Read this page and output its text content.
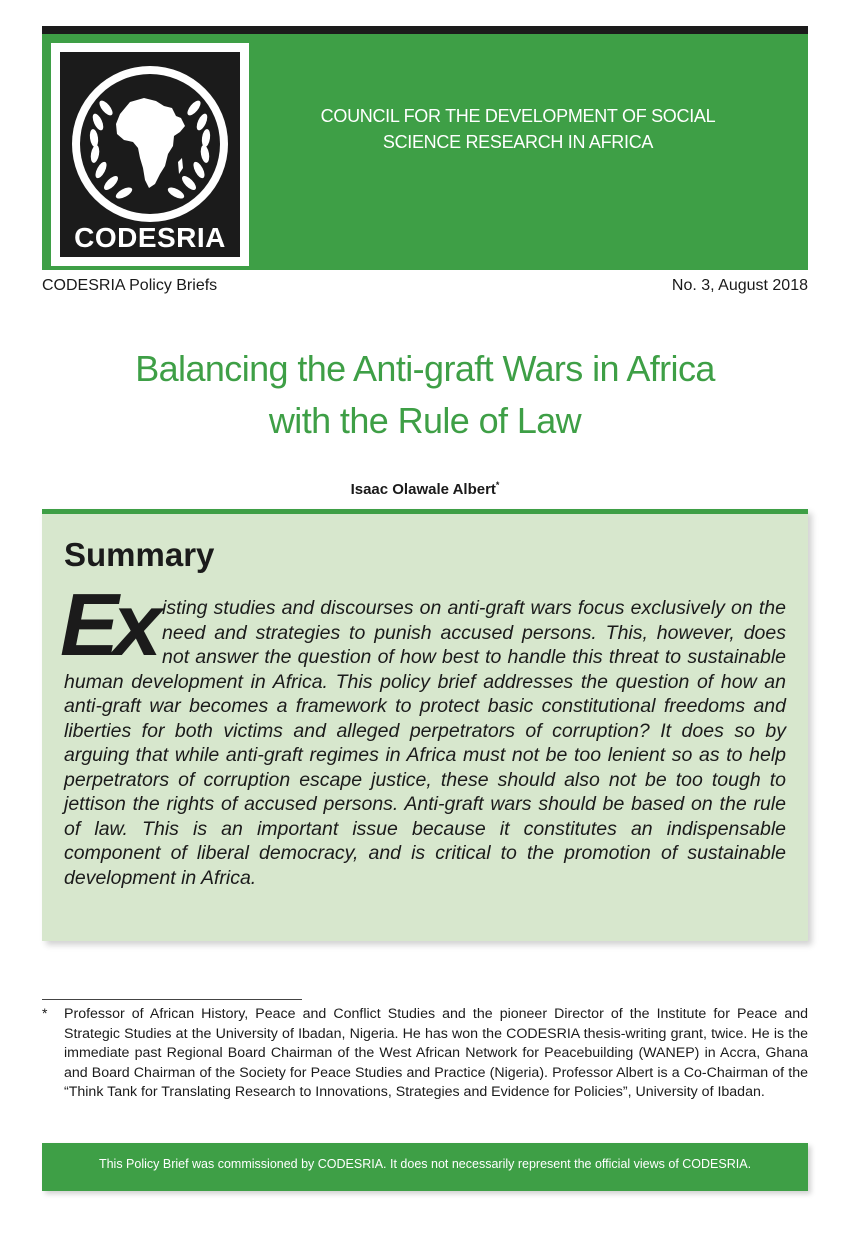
CODESRIA
COUNCIL FOR THE DEVELOPMENT OF SOCIAL
SCIENCE RESEARCH IN AFRICA
CODESRIA Policy Briefs	No. 3, August 2018
Balancing the Anti-graft Wars in Africa
with the Rule of Law
Isaac Olawale Albert*
Summary
Ex isting studies and discourses on anti-graft wars focus exclusively on the need and strategies to punish accused persons. This, however, does not answer the question of how best to handle this threat to sustainable human development in Africa. This policy brief addresses the question of how an anti-graft war becomes a framework to protect basic constitutional freedoms and liberties for both victims and alleged perpetrators of corruption? It does so by arguing that while anti-graft regimes in Africa must not be too lenient so as to help perpetrators of corruption escape justice, these should also not be too tough to jettison the rights of accused persons. Anti-graft wars should be based on the rule of law. This is an important issue because it constitutes an indispensable component of liberal democracy, and is critical to the promotion of sustainable development in Africa.

* Professor of African History, Peace and Conflict Studies and the pioneer Director of the Institute for Peace and Strategic Studies at the University of Ibadan, Nigeria. He has won the CODESRIA thesis-writing grant, twice. He is the immediate past Regional Board Chairman of the West African Network for Peacebuilding (WANEP) in Accra, Ghana and Board Chairman of the Society for Peace Studies and Practice (Nigeria). Professor Albert is a Co-Chairman of the “Think Tank for Translating Research to Innovations, Strategies and Evidence for Policies”, University of Ibadan.

This Policy Brief was commissioned by CODESRIA. It does not necessarily represent the official views of CODESRIA.
